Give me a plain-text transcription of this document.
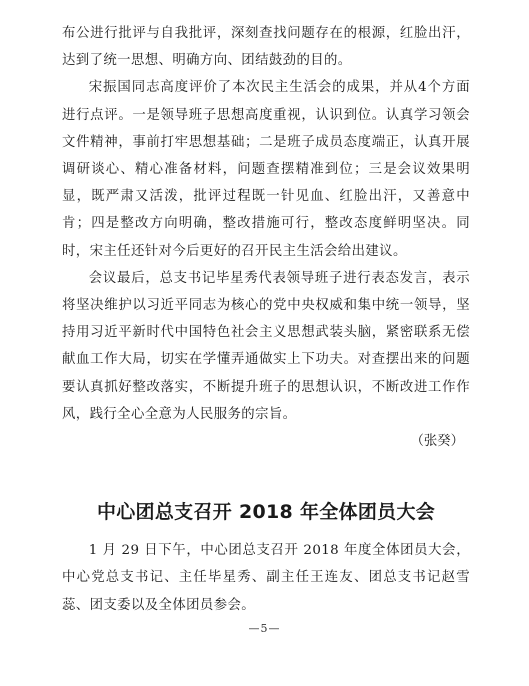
布公进行批评与自我批评，深刻查找问题存在的根源，红脸出汗，达到了统一思想、明确方向、团结鼓劲的目的。

宋振国同志高度评价了本次民主生活会的成果，并从4个方面进行点评。一是领导班子思想高度重视，认识到位。认真学习领会文件精神，事前打牢思想基础；二是班子成员态度端正，认真开展调研谈心、精心准备材料，问题查摆精准到位；三是会议效果明显，既严肃又活泼，批评过程既一针见血、红脸出汗，又善意中肯；四是整改方向明确，整改措施可行，整改态度鲜明坚决。同时，宋主任还针对今后更好的召开民主生活会给出建议。

会议最后，总支书记毕星秀代表领导班子进行表态发言，表示将坚决维护以习近平同志为核心的党中央权威和集中统一领导，坚持用习近平新时代中国特色社会主义思想武装头脑，紧密联系无偿献血工作大局，切实在学懂弄通做实上下功夫。对查摆出来的问题要认真抓好整改落实，不断提升班子的思想认识，不断改进工作作风，践行全心全意为人民服务的宗旨。

（张癸）

中心团总支召开 2018 年全体团员大会

1 月 29 日下午，中心团总支召开 2018 年度全体团员大会，中心党总支书记、主任毕星秀、副主任王连友、团总支书记赵雪蕊、团支委以及全体团员参会。

—5—
